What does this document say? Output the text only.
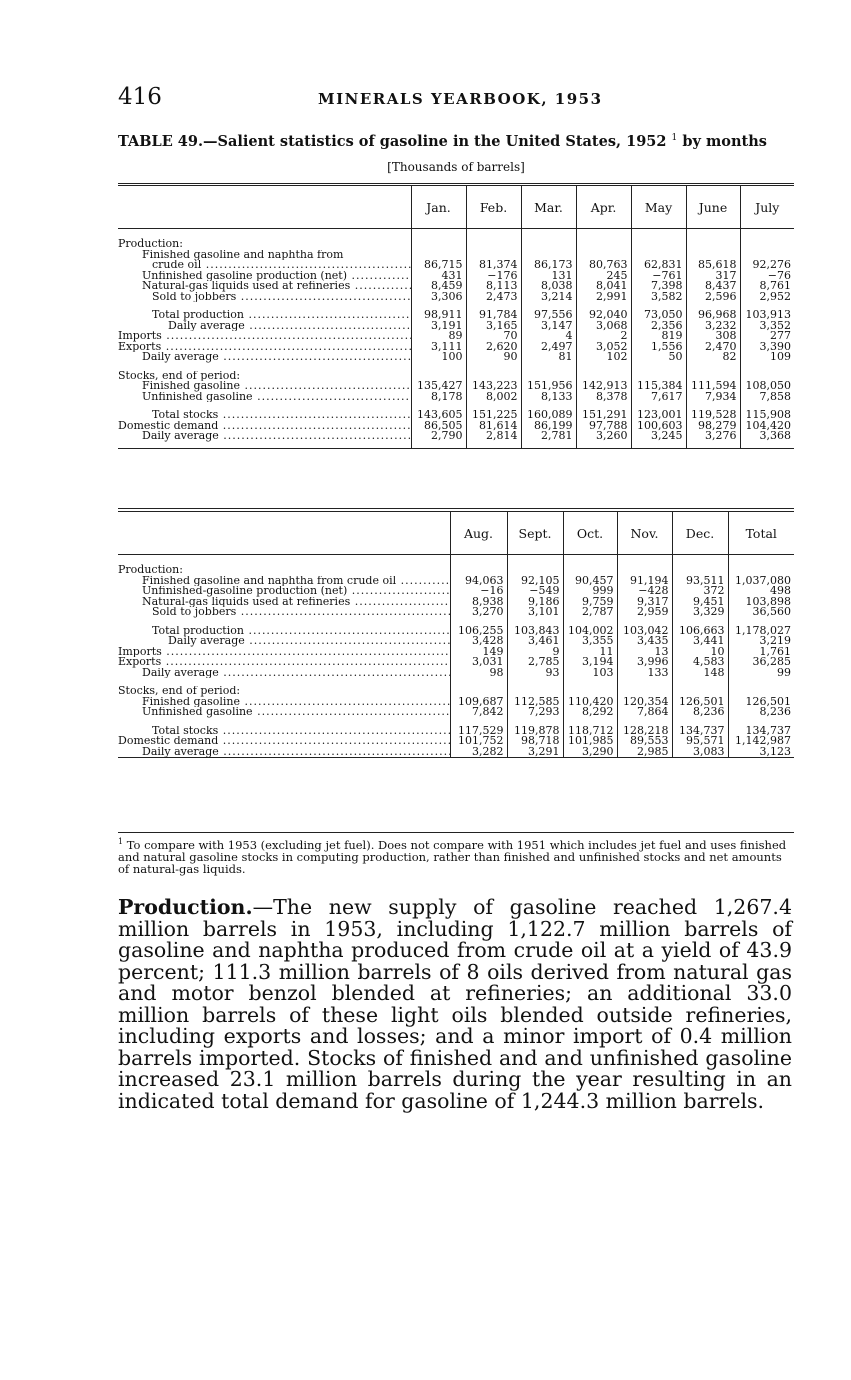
416	MINERALS YEARBOOK, 1953
TABLE 49.—Salient statistics of gasoline in the United States, 1952 $^1$ by months
[Thousands of barrels]
	Jan.	Feb.	Mar.	Apr.	May	June	July
Production:							
Finished gasoline and naphtha from							
crude oil .....	86,715	81,374	86,173	80,763	62,831	85,618	92,276
Unfinished gasoline production (net) .....	431	−176	131	245	−761	317	−76
Natural-gas liquids used at refineries .....	8,459	8,113	8,038	8,041	7,398	8,437	8,761
Sold to jobbers .....	3,306	2,473	3,214	2,991	3,582	2,596	2,952

Total production .....	98,911	91,784	97,556	92,040	73,050	96,968	103,913
Daily average .....	3,191	3,165	3,147	3,068	2,356	3,232	3,352
Imports .....	89	70	4	2	819	308	277
Exports .....	3,111	2,620	2,497	3,052	1,556	2,470	3,390
Daily average .....	100	90	81	102	50	82	109

Stocks, end of period:							
Finished gasoline .....	135,427	143,223	151,956	142,913	115,384	111,594	108,050
Unfinished gasoline .....	8,178	8,002	8,133	8,378	7,617	7,934	7,858

Total stocks .....	143,605	151,225	160,089	151,291	123,001	119,528	115,908
Domestic demand .....	86,505	81,614	86,199	97,788	100,603	98,279	104,420
Daily average .....	2,790	2,814	2,781	3,260	3,245	3,276	3,368
	Aug.	Sept.	Oct.	Nov.	Dec.	Total
Production:						
Finished gasoline and naphtha from crude oil .....	94,063	92,105	90,457	91,194	93,511	1,037,080
Unfinished-gasoline production (net) .....	−16	−549	999	−428	372	498
Natural-gas liquids used at refineries .....	8,938	9,186	9,759	9,317	9,451	103,898
Sold to jobbers .....	3,270	3,101	2,787	2,959	3,329	36,560

Total production .....	106,255	103,843	104,002	103,042	106,663	1,178,027
Daily average .....	3,428	3,461	3,355	3,435	3,441	3,219
Imports .....	149	9	11	13	10	1,761
Exports .....	3,031	2,785	3,194	3,996	4,583	36,285
Daily average .....	98	93	103	133	148	99

Stocks, end of period:						
Finished gasoline .....	109,687	112,585	110,420	120,354	126,501	126,501
Unfinished gasoline .....	7,842	7,293	8,292	7,864	8,236	8,236

Total stocks .....	117,529	119,878	118,712	128,218	134,737	134,737
Domestic demand .....	101,752	98,718	101,985	89,553	95,571	1,142,987
Daily average .....	3,282	3,291	3,290	2,985	3,083	3,123
$^1$ To compare with 1953 (excluding jet fuel). Does not compare with 1951 which includes jet fuel and uses finished and natural gasoline stocks in computing production, rather than finished and unfinished stocks and net amounts of natural-gas liquids.
Production.—The new supply of gasoline reached 1,267.4 million barrels in 1953, including 1,122.7 million barrels of gasoline and naphtha produced from crude oil at a yield of 43.9 percent; 111.3 million barrels of 8 oils derived from natural gas and motor benzol blended at refineries; an additional 33.0 million barrels of these light oils blended outside refineries, including exports and losses; and a minor import of 0.4 million barrels imported. Stocks of finished and and unfinished gasoline increased 23.1 million barrels during the year resulting in an indicated total demand for gasoline of 1,244.3 million barrels.
